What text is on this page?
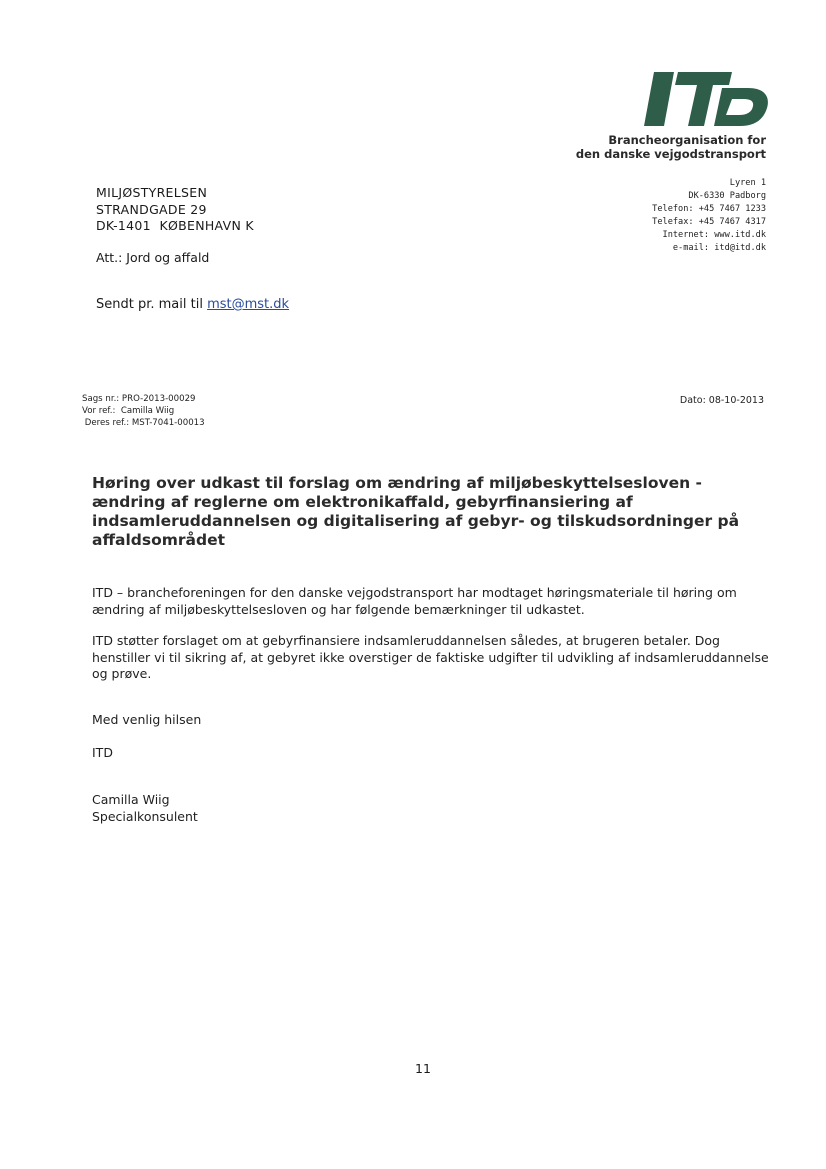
Brancheorganisation for
den danske vejgodstransport
Lyren 1
DK-6330 Padborg
Telefon: +45 7467 1233
Telefax: +45 7467 4317
Internet: www.itd.dk
e-mail: itd@itd.dk
MILJØSTYRELSEN
STRANDGADE 29
DK-1401  KØBENHAVN K
Att.: Jord og affald
Sendt pr. mail til mst@mst.dk
Sags nr.: PRO-2013-00029
Vor ref.:  Camilla Wiig
Deres ref.: MST-7041-00013
Dato: 08-10-2013
Høring over udkast til forslag om ændring af miljøbeskyttelsesloven - ændring af reglerne om elektronikaffald, gebyrfinansiering af indsamleruddannelsen og digitalisering af gebyr- og tilskudsordninger på affaldsområdet
ITD – brancheforeningen for den danske vejgodstransport har modtaget høringsmateriale til høring om ændring af miljøbeskyttelsesloven og har følgende bemærkninger til udkastet.
ITD støtter forslaget om at gebyrfinansiere indsamleruddannelsen således, at brugeren betaler. Dog henstiller vi til sikring af, at gebyret ikke overstiger de faktiske udgifter til udvikling af indsamleruddannelse og prøve.
Med venlig hilsen
ITD
Camilla Wiig
Specialkonsulent
11
